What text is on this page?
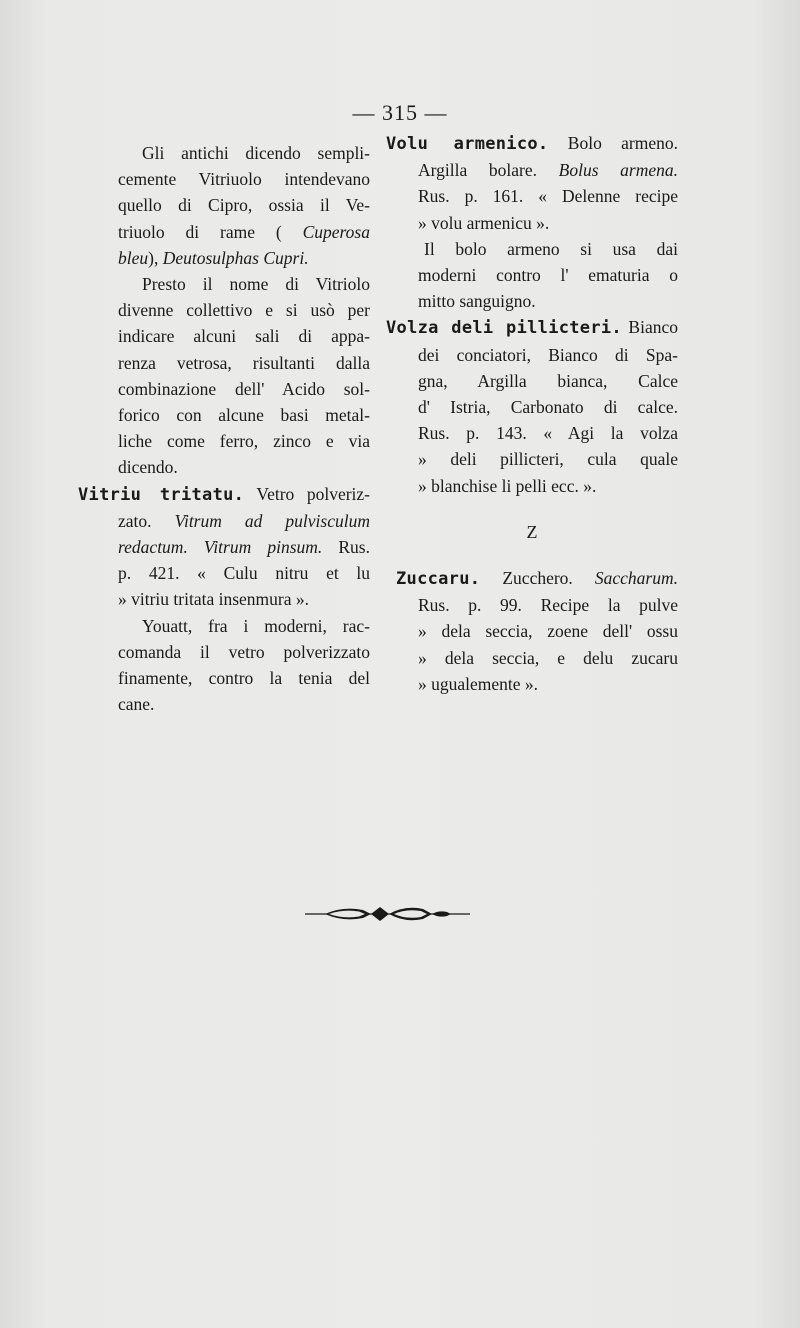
— 315 —
Gli antichi dicendo sempli-
cemente Vitriuolo intendevano
quello di Cipro, ossia il Ve-
triuolo di rame ( Cuperosa
bleu), Deutosulphas Cupri.
Presto il nome di Vitriolo
divenne collettivo e si usò per
indicare alcuni sali di appa-
renza vetrosa, risultanti dalla
combinazione dell' Acido sol-
forico con alcune basi metal-
liche come ferro, zinco e via
dicendo.
Vitriu tritatu. Vetro polveriz-
zato. Vitrum ad pulvisculum
redactum. Vitrum pinsum. Rus.
p. 421. « Culu nitru et lu
» vitriu tritata insenmura ».
Youatt, fra i moderni, rac-
comanda il vetro polverizzato
finamente, contro la tenia del
cane.
Volu armenico. Bolo armeno.
Argilla bolare. Bolus armena.
Rus. p. 161. « Delenne recipe
» volu armenicu ».
Il bolo armeno si usa dai
moderni contro l' ematuria o
mitto sanguigno.
Volza deli pillicteri. Bianco
dei conciatori, Bianco di Spa-
gna, Argilla bianca, Calce
d' Istria, Carbonato di calce.
Rus. p. 143. « Agi la volza
» deli pillicteri, cula quale
» blanchise li pelli ecc. ».
Z
Zuccaru. Zucchero. Saccharum.
Rus. p. 99. Recipe la pulve
» dela seccia, zoene dell' ossu
» dela seccia, e delu zucaru
» ugualemente ».
